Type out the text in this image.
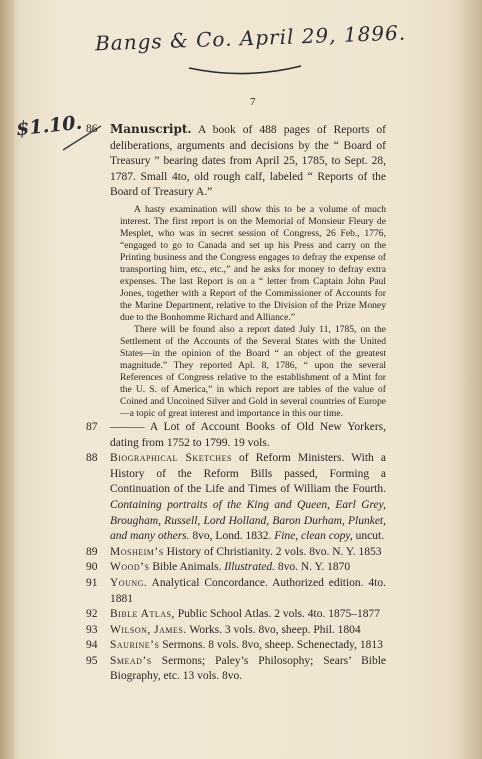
Bangs & Co. April 29, 1896.
$1.10.
7
86	Manuscript. A book of 488 pages of Reports of deliberations, arguments and decisions by the “ Board of Treasury ” bearing dates from April 25, 1785, to Sept. 28, 1787. Small 4to, old rough calf, labeled “ Reports of the Board of Treasury A.”

A hasty examination will show this to be a volume of much interest. The first report is on the Memorial of Monsieur Fleury de Mesplet, who was in secret session of Congress, 26 Feb., 1776, “engaged to go to Canada and set up his Press and carry on the Printing business and the Congress engages to defray the expense of transporting him, etc., etc.,” and he asks for money to defray extra expenses. The last Report is on a “ letter from Captain John Paul Jones, together with a Report of the Commissioner of Accounts for the Marine Department, relative to the Division of the Prize Money due to the Bonhomme Richard and Alliance.”

There will be found also a report dated July 11, 1785, on the Settlement of the Accounts of the Several States with the United States—in the opinion of the Board “ an object of the greatest magnitude.” They reported Apl. 8, 1786, “ upon the several References of Congress relative to the establishment of a Mint for the U. S. of America,” in which report are tables of the value of Coined and Uncoined Silver and Gold in several countries of Europe—a topic of great interest and importance in this our time.

87	——— A Lot of Account Books of Old New Yorkers, dating from 1752 to 1799. 19 vols.
88	Biographical Sketches of Reform Ministers. With a History of the Reform Bills passed, Forming a Continuation of the Life and Times of William the Fourth. Containing portraits of the King and Queen, Earl Grey, Brougham, Russell, Lord Holland, Baron Durham, Plunket, and many others. 8vo, Lond. 1832. Fine, clean copy, uncut.
89	Mosheim’s History of Christianity. 2 vols. 8vo. N. Y. 1853
90	Wood’s Bible Animals. Illustrated. 8vo. N. Y. 1870
91	Young. Analytical Concordance. Authorized edition. 4to. 1881
92	Bible Atlas, Public School Atlas. 2 vols. 4to. 1875–1877
93	Wilson, James. Works. 3 vols. 8vo, sheep. Phil. 1804
94	Saurine’s Sermons. 8 vols. 8vo, sheep. Schenectady, 1813
95	Smead’s Sermons; Paley’s Philosophy; Sears’ Bible Biography, etc. 13 vols. 8vo.
